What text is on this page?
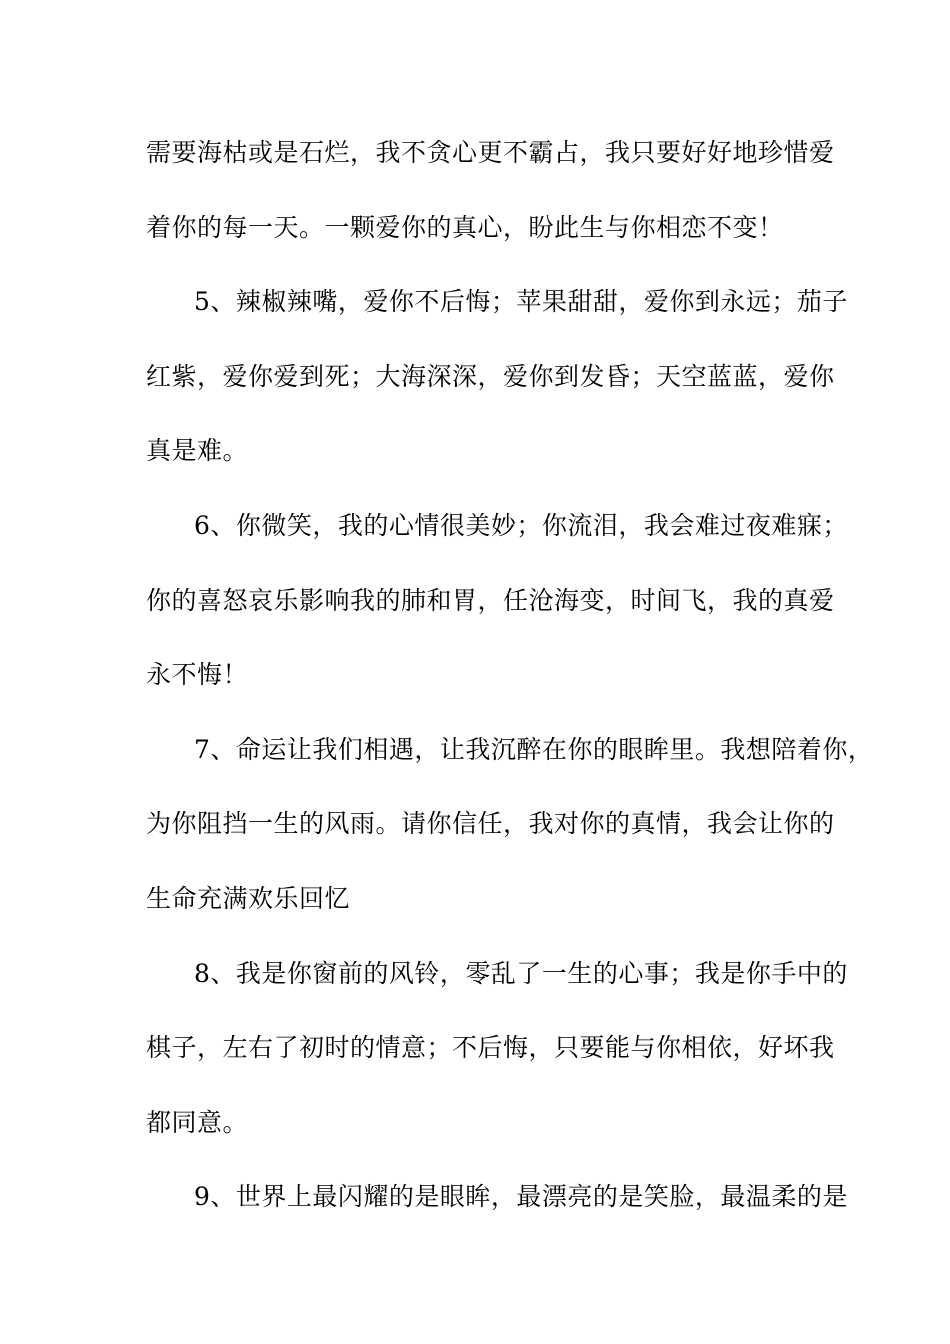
需要海枯或是石烂，我不贪心更不霸占，我只要好好地珍惜爱
着你的每一天。一颗爱你的真心，盼此生与你相恋不变！
5、辣椒辣嘴，爱你不后悔；苹果甜甜，爱你到永远；茄子
红紫，爱你爱到死；大海深深，爱你到发昏；天空蓝蓝，爱你
真是难。
6、你微笑，我的心情很美妙；你流泪，我会难过夜难寐；
你的喜怒哀乐影响我的肺和胃，任沧海变，时间飞，我的真爱
永不悔！
7、命运让我们相遇，让我沉醉在你的眼眸里。我想陪着你，
为你阻挡一生的风雨。请你信任，我对你的真情，我会让你的
生命充满欢乐回忆
8、我是你窗前的风铃，零乱了一生的心事；我是你手中的
棋子，左右了初时的情意；不后悔，只要能与你相依，好坏我
都同意。
9、世界上最闪耀的是眼眸，最漂亮的是笑脸，最温柔的是
